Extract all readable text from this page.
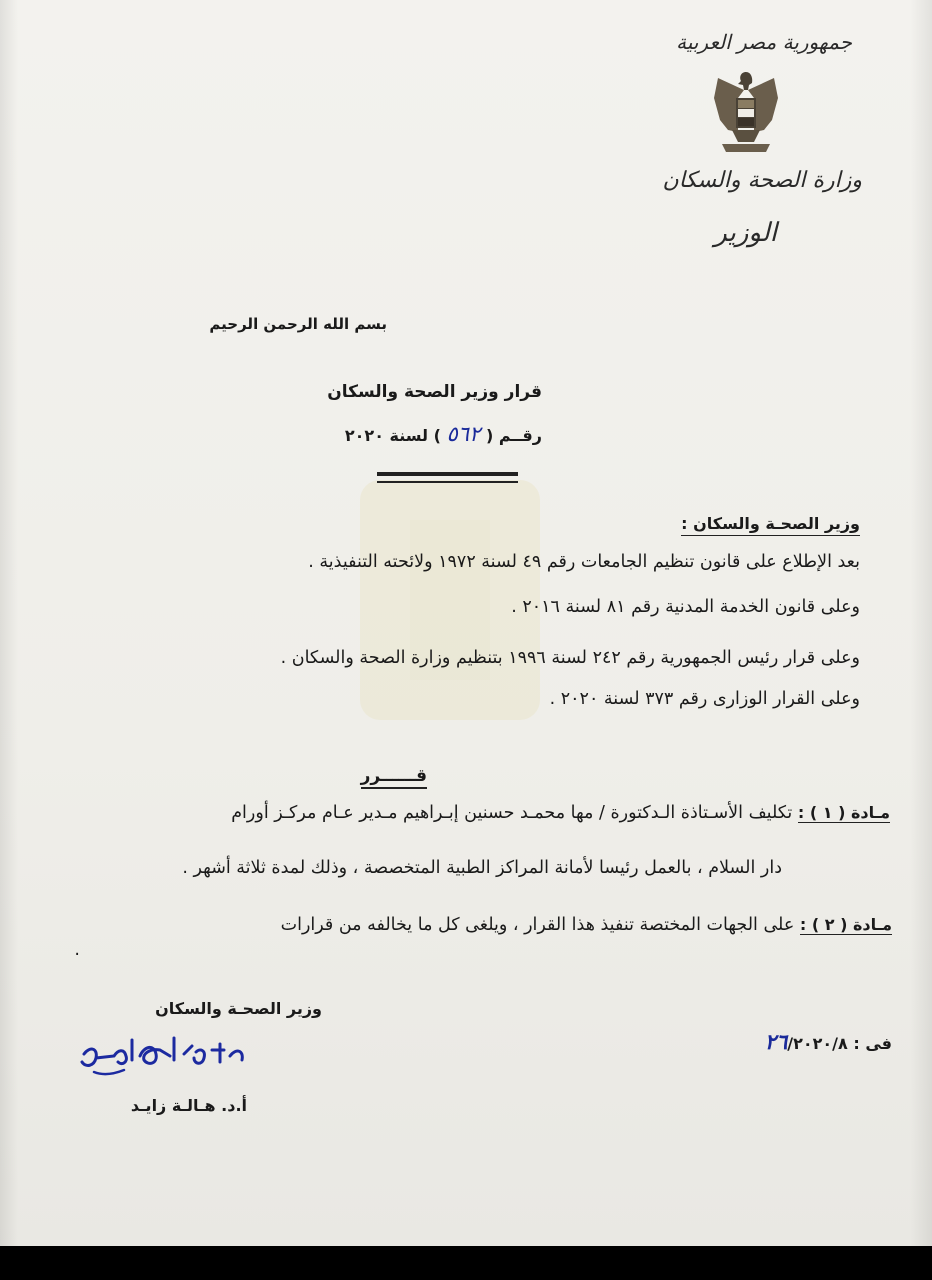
جمهورية مصر العربية
وزارة الصحة والسكان
الوزير
بسم الله الرحمن الرحيم
قرار وزير الصحة والسكان
رقــم ( ٥٦٢ ) لسنة ٢٠٢٠
وزير الصحـة والسكان :
بعد الإطلاع على قانون تنظيم الجامعات رقم ٤٩ لسنة ١٩٧٢ ولائحته التنفيذية .
وعلى قانون الخدمة المدنية رقم ٨١ لسنة ٢٠١٦ .
وعلى قرار رئيس الجمهورية رقم ٢٤٢ لسنة ١٩٩٦ بتنظيم وزارة الصحة والسكان .
وعلى القرار الوزارى رقم ٣٧٣ لسنة ٢٠٢٠ .
قــــــرر
مـادة ( ١ ) : تكليف الأسـتاذة الـدكتورة / مها محمـد حسنين إبـراهيم مـدير عـام مركـز أورام
دار السلام ، بالعمل رئيسا لأمانة المراكز الطبية المتخصصة ، وذلك لمدة ثلاثة أشهر .
مـادة ( ٢ ) : على الجهات المختصة تنفيذ هذا القرار ، ويلغى كل ما يخالفه من قرارات
.
وزير الصحـة والسكان
أ.د. هـالـة زايـد
فى : ٢٦/٢٠٢٠/٨
